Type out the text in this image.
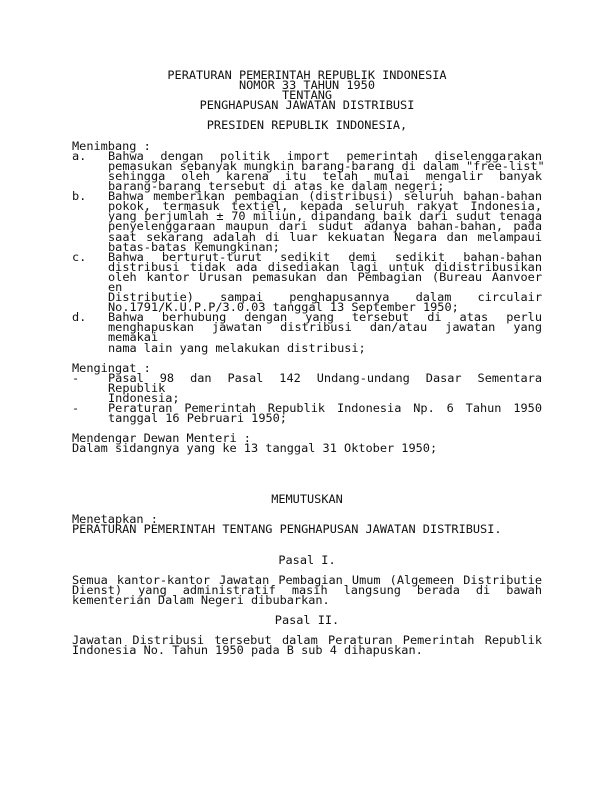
PERATURAN PEMERINTAH REPUBLIK INDONESIA
NOMOR 33 TAHUN 1950
TENTANG
PENGHAPUSAN JAWATAN DISTRIBUSI
PRESIDEN REPUBLIK INDONESIA,
Menimbang :
a. Bahwa dengan politik import pemerintah diselenggarakan
pemasukan sebanyak mungkin barang-barang di dalam "free-list"
sehingga oleh karena itu telah mulai mengalir banyak
barang-barang tersebut di atas ke dalam negeri;
b. Bahwa memberikan pembagian (distribusi) seluruh bahan-bahan
pokok, termasuk textiel, kepada seluruh rakyat Indonesia,
yang berjumlah ± 70 miliun, dipandang baik dari sudut tenaga
penyelenggaraan maupun dari sudut adanya bahan-bahan, pada
saat sekarang adalah di luar kekuatan Negara dan melampaui
batas-batas kemungkinan;
c. Bahwa berturut-turut sedikit demi sedikit bahan-bahan
distribusi tidak ada disediakan lagi untuk didistribusikan
oleh kantor Urusan pemasukan dan Pembagian (Bureau Aanvoer en
Distributie) sampai penghapusannya dalam circulair
No.1791/K.U.P.P/3.0.03 tanggal 13 September 1950;
d. Bahwa berhubung dengan yang tersebut di atas perlu
menghapuskan jawatan distribusi dan/atau jawatan yang memakai
nama lain yang melakukan distribusi;
Mengingat :
- Pasal 98 dan Pasal 142 Undang-undang Dasar Sementara Republik
Indonesia;
- Peraturan Pemerintah Republik Indonesia Np. 6 Tahun 1950
tanggal 16 Pebruari 1950;
Mendengar Dewan Menteri :
Dalam sidangnya yang ke 13 tanggal 31 Oktober 1950;
MEMUTUSKAN
Menetapkan :
PERATURAN PEMERINTAH TENTANG PENGHAPUSAN JAWATAN DISTRIBUSI.
Pasal I.
Semua kantor-kantor Jawatan Pembagian Umum (Algemeen Distributie
Dienst) yang administratif masih langsung berada di bawah
kementerian Dalam Negeri dibubarkan.
Pasal II.
Jawatan Distribusi tersebut dalam Peraturan Pemerintah Republik
Indonesia No. Tahun 1950 pada B sub 4 dihapuskan.
